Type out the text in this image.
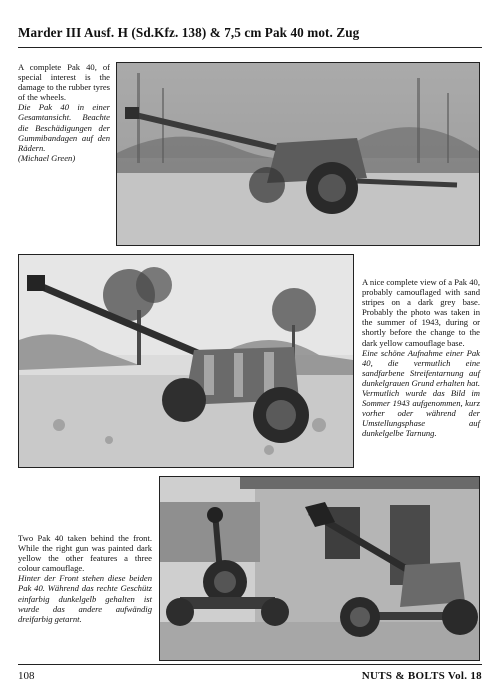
Marder III Ausf. H (Sd.Kfz. 138) & 7,5 cm Pak 40 mot. Zug

A complete Pak 40, of special interest is the damage to the rubber tyres of the wheels.

Die Pak 40 in einer Gesamtansicht. Beachte die Beschädigungen der Gummibandagen auf den Rädern.

(Michael Green)

A nice complete view of a Pak 40, probably camouflaged with sand stripes on a dark grey base. Probably the photo was taken in the summer of 1943, during or shortly before the change to the dark yellow camouflage base.

Eine schöne Aufnahme einer Pak 40, die vermutlich eine sandfarbene Streifentarnung auf dunkelgrauen Grund erhalten hat. Vermutlich wurde das Bild im Sommer 1943 aufgenommen, kurz vorher oder während der Umstellungsphase auf dunkelgelbe Tarnung.

Two Pak 40 taken behind the front. While the right gun was painted dark yellow the other features a three colour camouflage.

Hinter der Front stehen diese beiden Pak 40. Während das rechte Geschütz einfarbig dunkelgelb gehalten ist wurde das andere aufwändig dreifarbig getarnt.

108	NUTS & BOLTS Vol. 18
